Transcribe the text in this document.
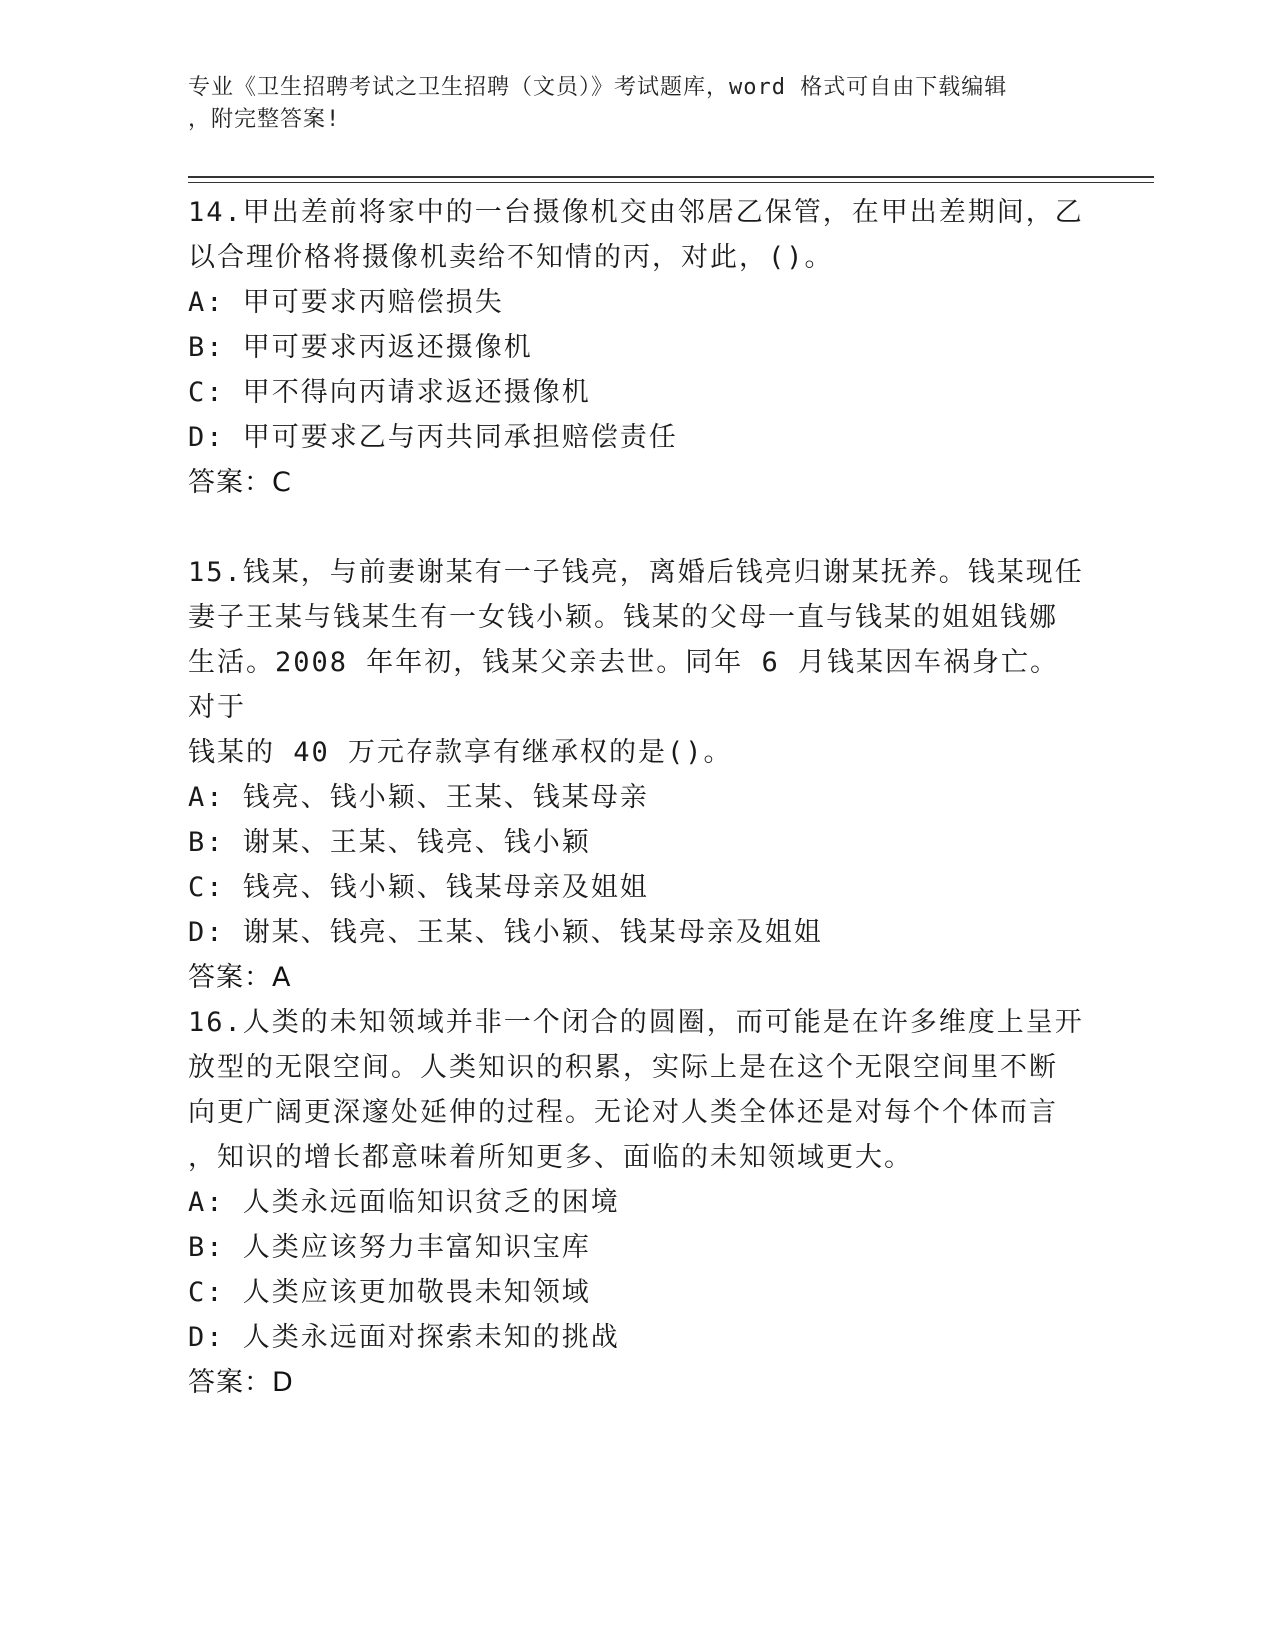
专业《卫生招聘考试之卫生招聘（文员）》考试题库，word 格式可自由下载编辑
，附完整答案!

14.甲出差前将家中的一台摄像机交由邻居乙保管，在甲出差期间，乙

以合理价格将摄像机卖给不知情的丙，对此，()。

A: 甲可要求丙赔偿损失

B: 甲可要求丙返还摄像机

C: 甲不得向丙请求返还摄像机

D: 甲可要求乙与丙共同承担赔偿责任

答案：C

15.钱某，与前妻谢某有一子钱亮，离婚后钱亮归谢某抚养。钱某现任

妻子王某与钱某生有一女钱小颖。钱某的父母一直与钱某的姐姐钱娜

生活。2008 年年初，钱某父亲去世。同年 6 月钱某因车祸身亡。对于

钱某的 40 万元存款享有继承权的是()。

A: 钱亮、钱小颖、王某、钱某母亲

B: 谢某、王某、钱亮、钱小颖

C: 钱亮、钱小颖、钱某母亲及姐姐

D: 谢某、钱亮、王某、钱小颖、钱某母亲及姐姐

答案：A

16.人类的未知领域并非一个闭合的圆圈，而可能是在许多维度上呈开

放型的无限空间。人类知识的积累，实际上是在这个无限空间里不断

向更广阔更深邃处延伸的过程。无论对人类全体还是对每个个体而言

，知识的增长都意味着所知更多、面临的未知领域更大。

A: 人类永远面临知识贫乏的困境

B: 人类应该努力丰富知识宝库

C: 人类应该更加敬畏未知领域

D: 人类永远面对探索未知的挑战

答案：D
